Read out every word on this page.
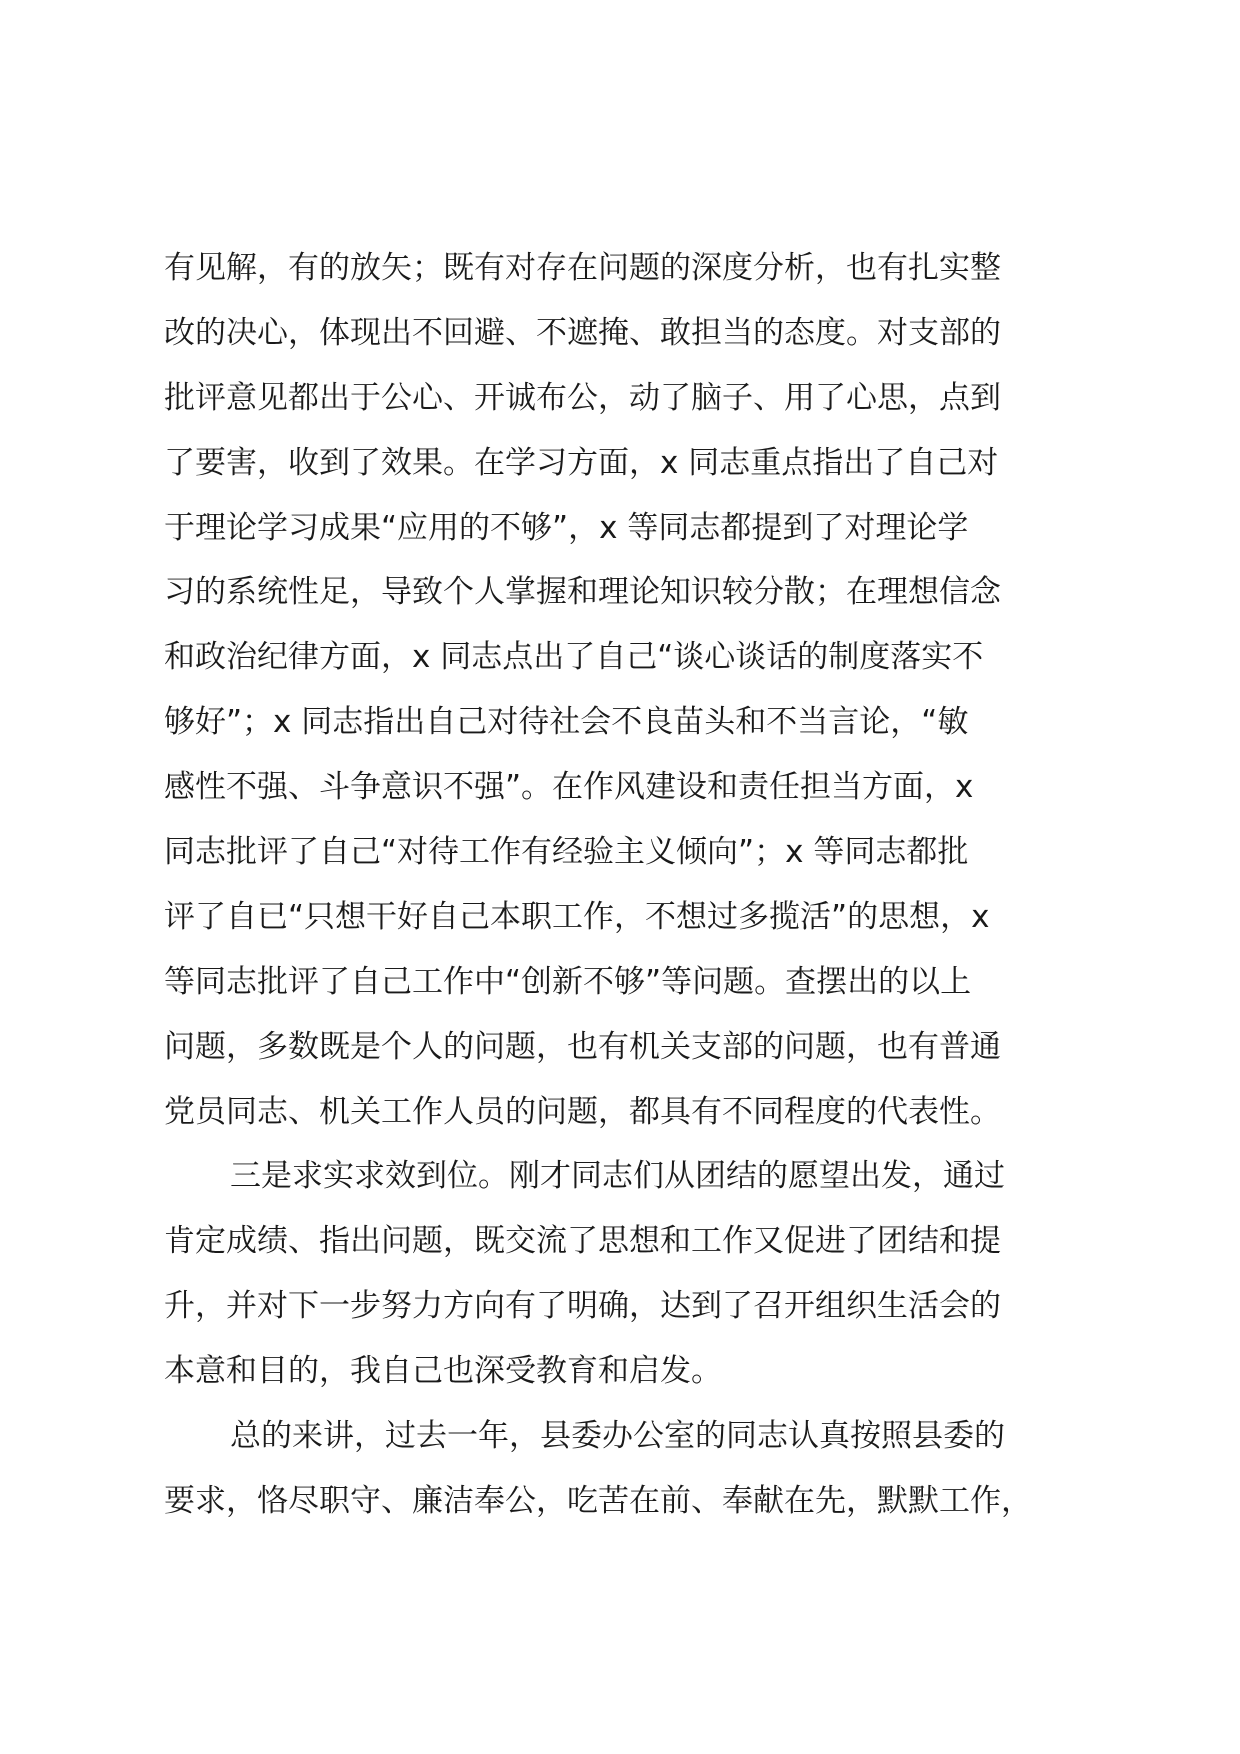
有见解，有的放矢；既有对存在问题的深度分析，也有扎实整
改的决心，体现出不回避、不遮掩、敢担当的态度。对支部的
批评意见都出于公心、开诚布公，动了脑子、用了心思，点到
了要害，收到了效果。在学习方面，x 同志重点指出了自己对
于理论学习成果“应用的不够”，x 等同志都提到了对理论学
习的系统性足，导致个人掌握和理论知识较分散；在理想信念
和政治纪律方面，x 同志点出了自己“谈心谈话的制度落实不
够好”；x 同志指出自己对待社会不良苗头和不当言论，“敏
感性不强、斗争意识不强”。在作风建设和责任担当方面，x
同志批评了自己“对待工作有经验主义倾向”；x 等同志都批
评了自已“只想干好自己本职工作，不想过多揽活”的思想，x
等同志批评了自己工作中“创新不够”等问题。查摆出的以上
问题，多数既是个人的问题，也有机关支部的问题，也有普通
党员同志、机关工作人员的问题，都具有不同程度的代表性。
三是求实求效到位。刚才同志们从团结的愿望出发，通过
肯定成绩、指出问题，既交流了思想和工作又促进了团结和提
升，并对下一步努力方向有了明确，达到了召开组织生活会的
本意和目的，我自己也深受教育和启发。
总的来讲，过去一年，县委办公室的同志认真按照县委的
要求，恪尽职守、廉洁奉公，吃苦在前、奉献在先，默默工作，
